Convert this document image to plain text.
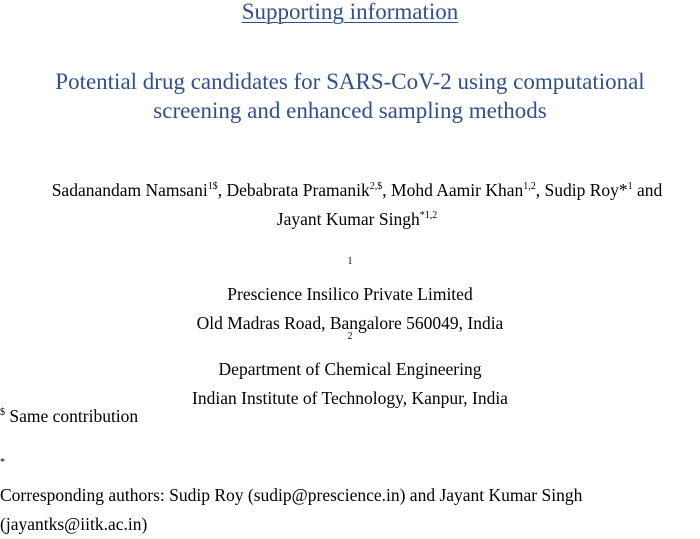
Supporting information
Potential drug candidates for SARS-CoV-2 using computational
screening and enhanced sampling methods
Sadanandam Namsani$^{1\$}$, Debabrata Pramanik$^{2,\$}$, Mohd Aamir Khan$^{1,2}$, Sudip Roy*$^1$ and
Jayant Kumar Singh$^{*1,2}$
$^1$
Prescience Insilico Private Limited
Old Madras Road, Bangalore 560049, India
$^2$
Department of Chemical Engineering
Indian Institute of Technology, Kanpur, India
$ Same contribution
*
Corresponding authors: Sudip Roy (sudip@prescience.in) and Jayant Kumar Singh
(jayantks@iitk.ac.in)
